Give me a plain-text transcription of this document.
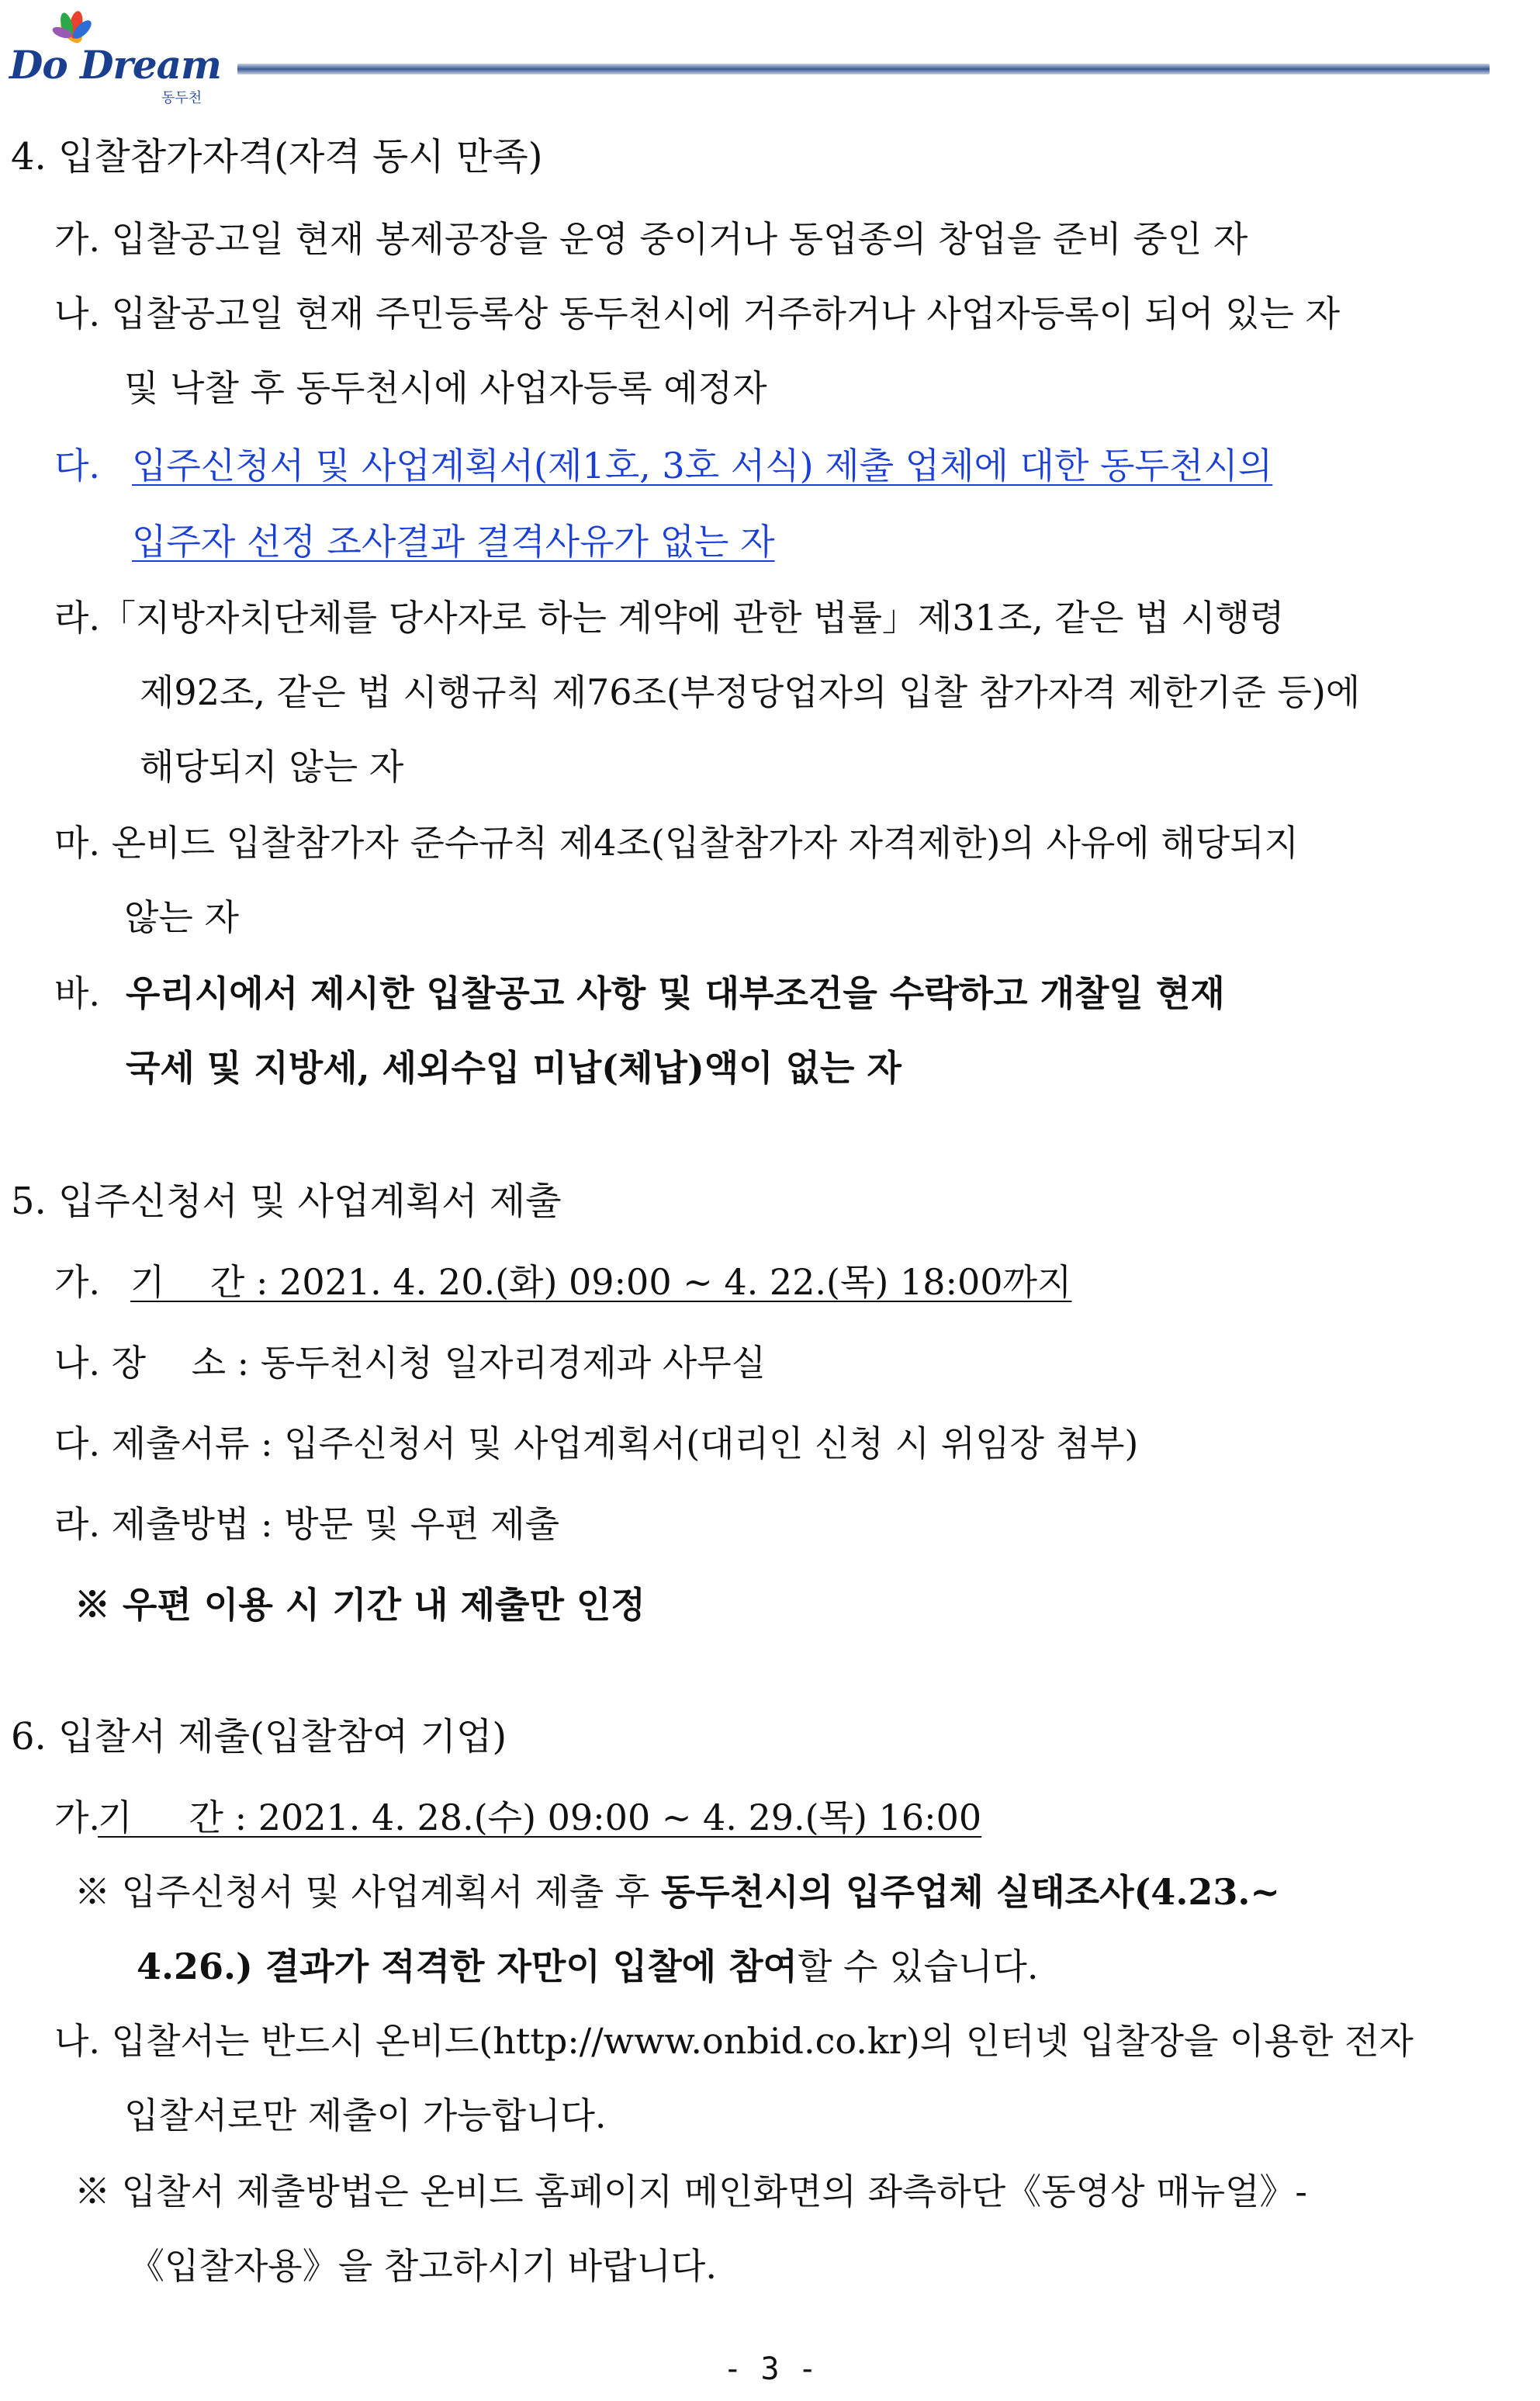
Do Dream
동두천
4. 입찰참가자격(자격 동시 만족)
가. 입찰공고일 현재 봉제공장을 운영 중이거나 동업종의 창업을 준비 중인 자
나. 입찰공고일 현재 주민등록상 동두천시에 거주하거나 사업자등록이 되어 있는 자
및 낙찰 후 동두천시에 사업자등록 예정자
다. 입주신청서 및 사업계획서(제1호, 3호 서식) 제출 업체에 대한 동두천시의
입주자 선정 조사결과 결격사유가 없는 자
라.「지방자치단체를 당사자로 하는 계약에 관한 법률」제31조, 같은 법 시행령
제92조, 같은 법 시행규칙 제76조(부정당업자의 입찰 참가자격 제한기준 등)에
해당되지 않는 자
마. 온비드 입찰참가자 준수규칙 제4조(입찰참가자 자격제한)의 사유에 해당되지
않는 자
바. 우리시에서 제시한 입찰공고 사항 및 대부조건을 수락하고 개찰일 현재
국세 및 지방세, 세외수입 미납(체납)액이 없는 자
5. 입주신청서 및 사업계획서 제출
가. 기    간 : 2021. 4. 20.(화) 09:00 ~ 4. 22.(목) 18:00까지
나. 장    소 : 동두천시청 일자리경제과 사무실
다. 제출서류 : 입주신청서 및 사업계획서(대리인 신청 시 위임장 첨부)
라. 제출방법 : 방문 및 우편 제출
※ 우편 이용 시 기간 내 제출만 인정
6. 입찰서 제출(입찰참여 기업)
가.
기     간 : 2021. 4. 28.(수) 09:00 ~ 4. 29.(목) 16:00
※ 입주신청서 및 사업계획서 제출 후 동두천시의 입주업체 실태조사(4.23.~
4.26.) 결과가 적격한 자만이 입찰에 참여할 수 있습니다.
나. 입찰서는 반드시 온비드(http://www.onbid.co.kr)의 인터넷 입찰장을 이용한 전자
입찰서로만 제출이 가능합니다.
※ 입찰서 제출방법은 온비드 홈페이지 메인화면의 좌측하단《동영상 매뉴얼》-
《입찰자용》을 참고하시기 바랍니다.
- 3 -
